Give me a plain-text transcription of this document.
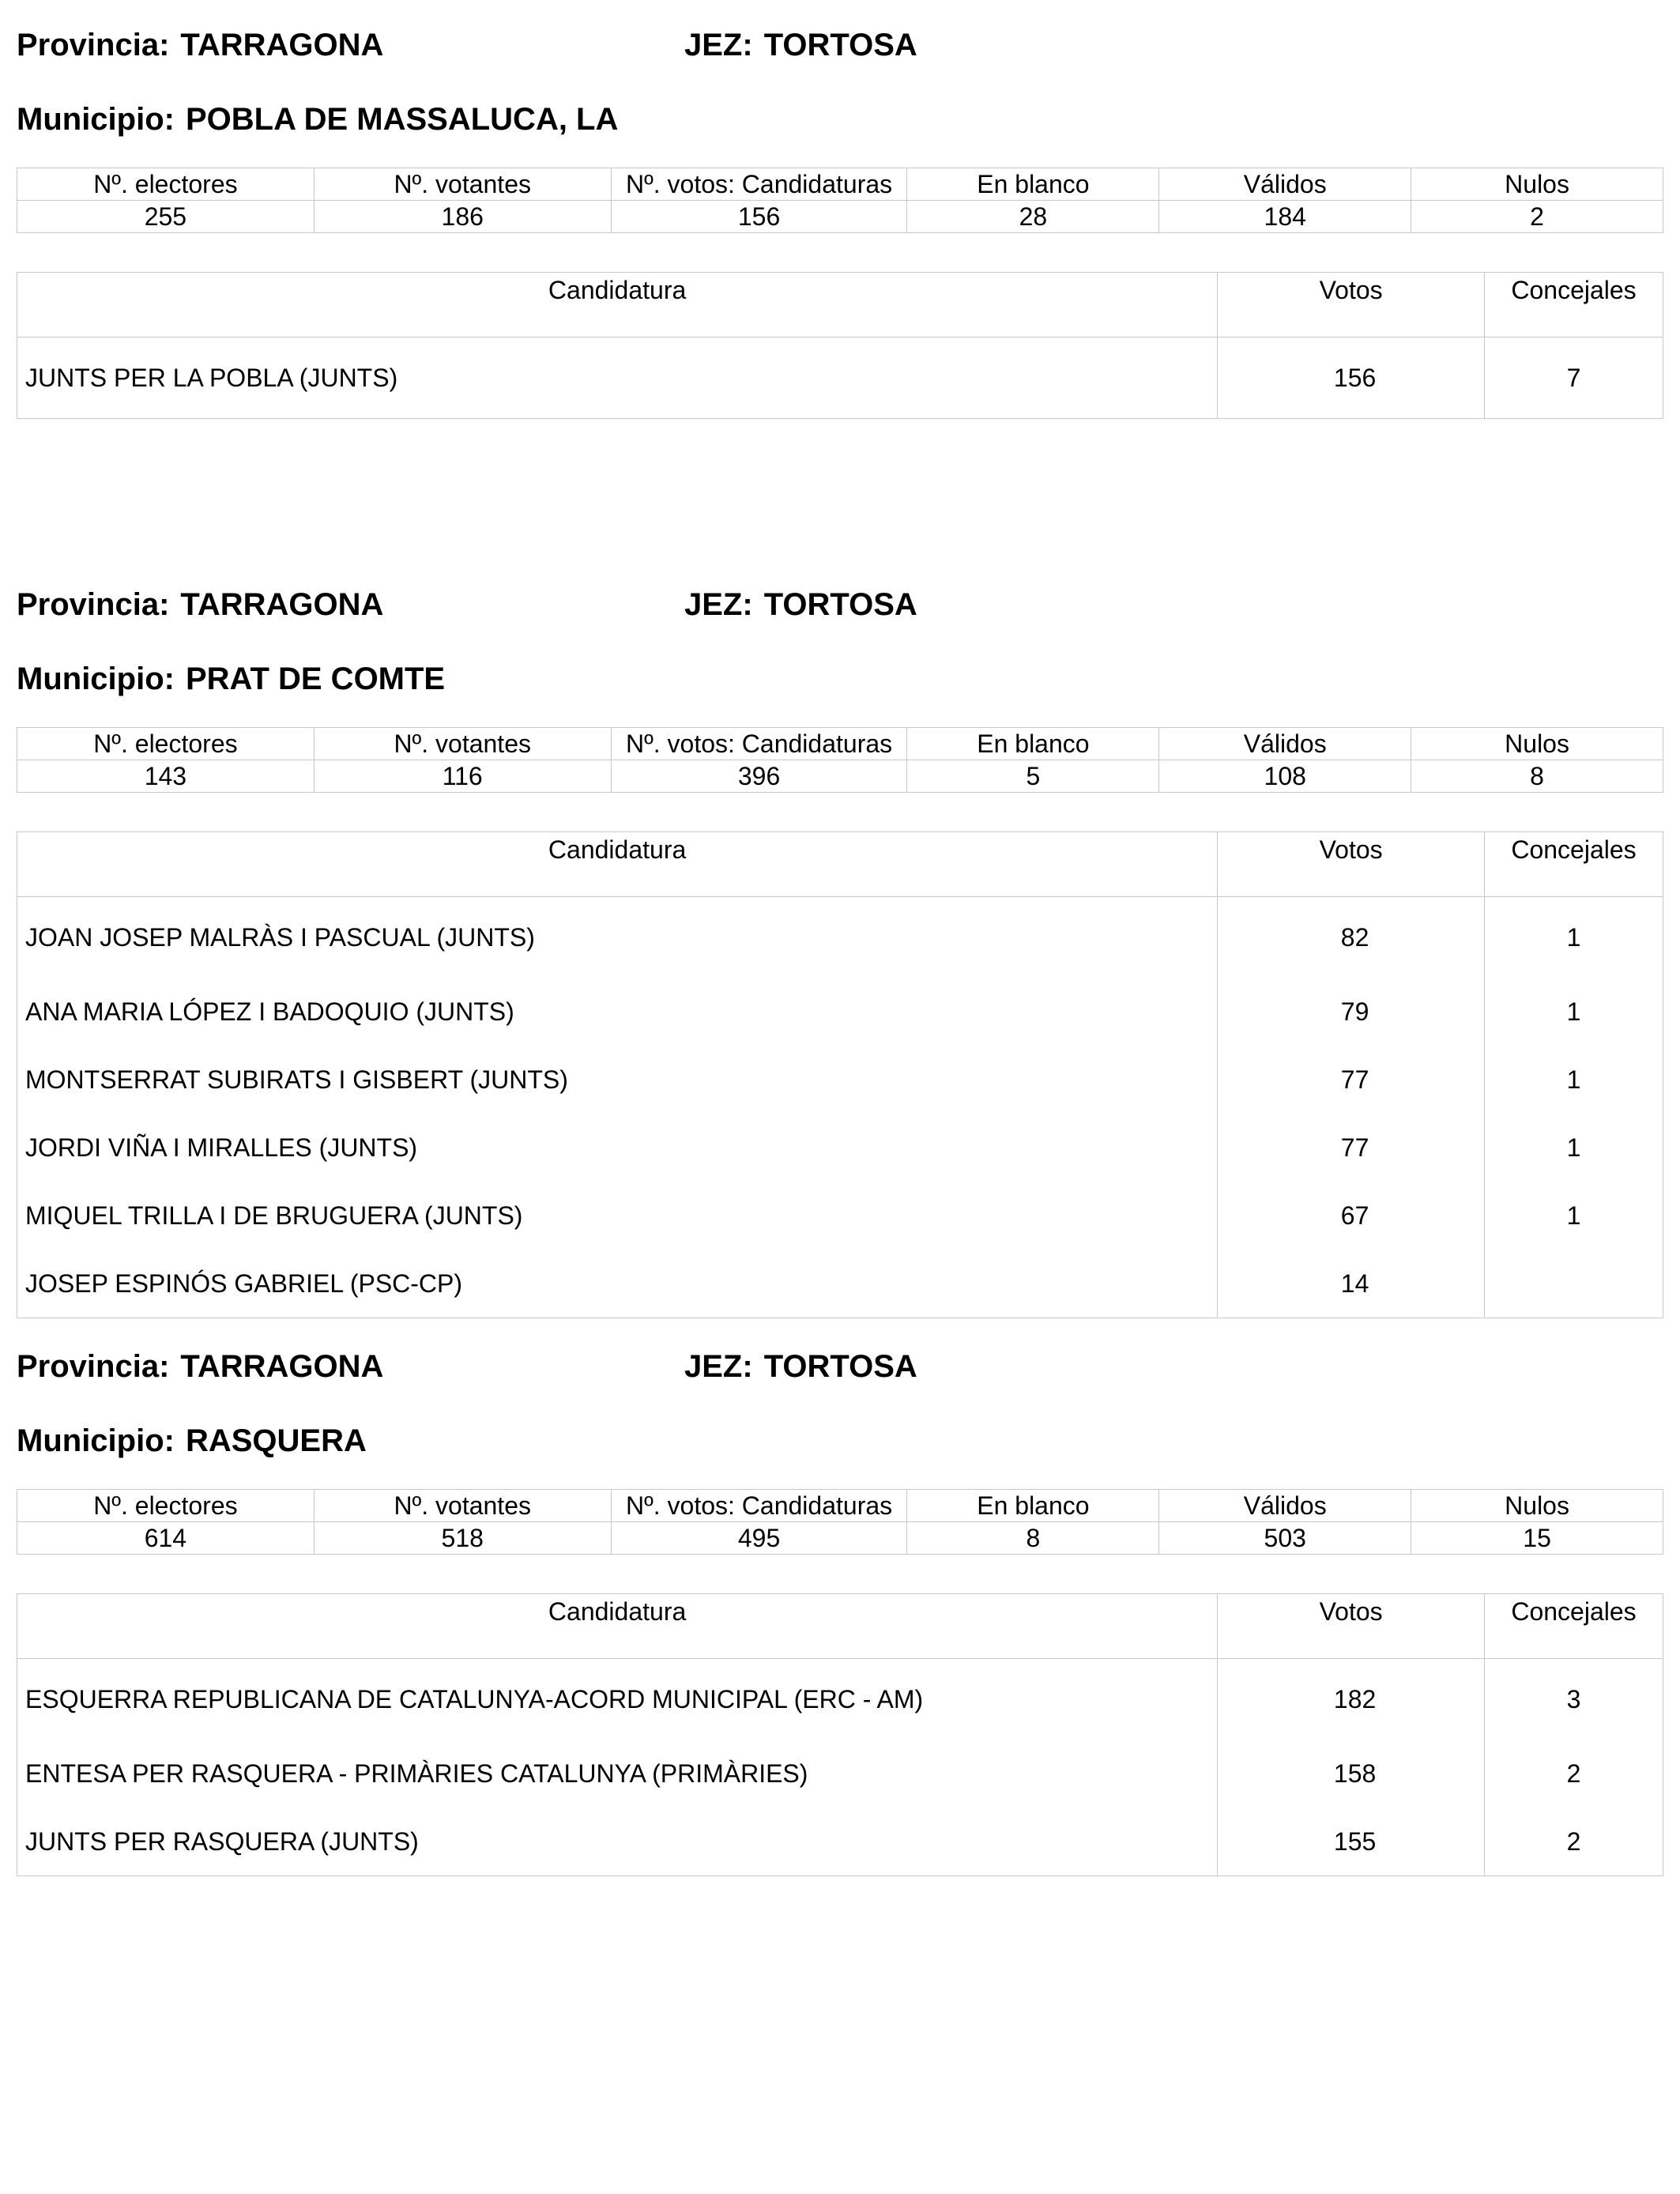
Provincia: TARRAGONA	JEZ: TORTOSA
Municipio: POBLA DE MASSALUCA, LA
Nº. electores	Nº. votantes	Nº. votos: Candidaturas	En blanco	Válidos	Nulos
255	186	156	28	184	2
Candidatura	Votos	Concejales
JUNTS PER LA POBLA (JUNTS)	156	7
Provincia: TARRAGONA	JEZ: TORTOSA
Municipio: PRAT DE COMTE
Nº. electores	Nº. votantes	Nº. votos: Candidaturas	En blanco	Válidos	Nulos
143	116	396	5	108	8
Candidatura	Votos	Concejales
JOAN JOSEP MALRÀS I PASCUAL (JUNTS)	82	1
ANA MARIA LÓPEZ I BADOQUIO (JUNTS)	79	1
MONTSERRAT SUBIRATS I GISBERT (JUNTS)	77	1
JORDI VIÑA I MIRALLES (JUNTS)	77	1
MIQUEL TRILLA I DE BRUGUERA (JUNTS)	67	1
JOSEP ESPINÓS GABRIEL (PSC-CP)	14	
Provincia: TARRAGONA	JEZ: TORTOSA
Municipio: RASQUERA
Nº. electores	Nº. votantes	Nº. votos: Candidaturas	En blanco	Válidos	Nulos
614	518	495	8	503	15
Candidatura	Votos	Concejales
ESQUERRA REPUBLICANA DE CATALUNYA-ACORD MUNICIPAL (ERC - AM)	182	3
ENTESA PER RASQUERA - PRIMÀRIES CATALUNYA (PRIMÀRIES)	158	2
JUNTS PER RASQUERA (JUNTS)	155	2
